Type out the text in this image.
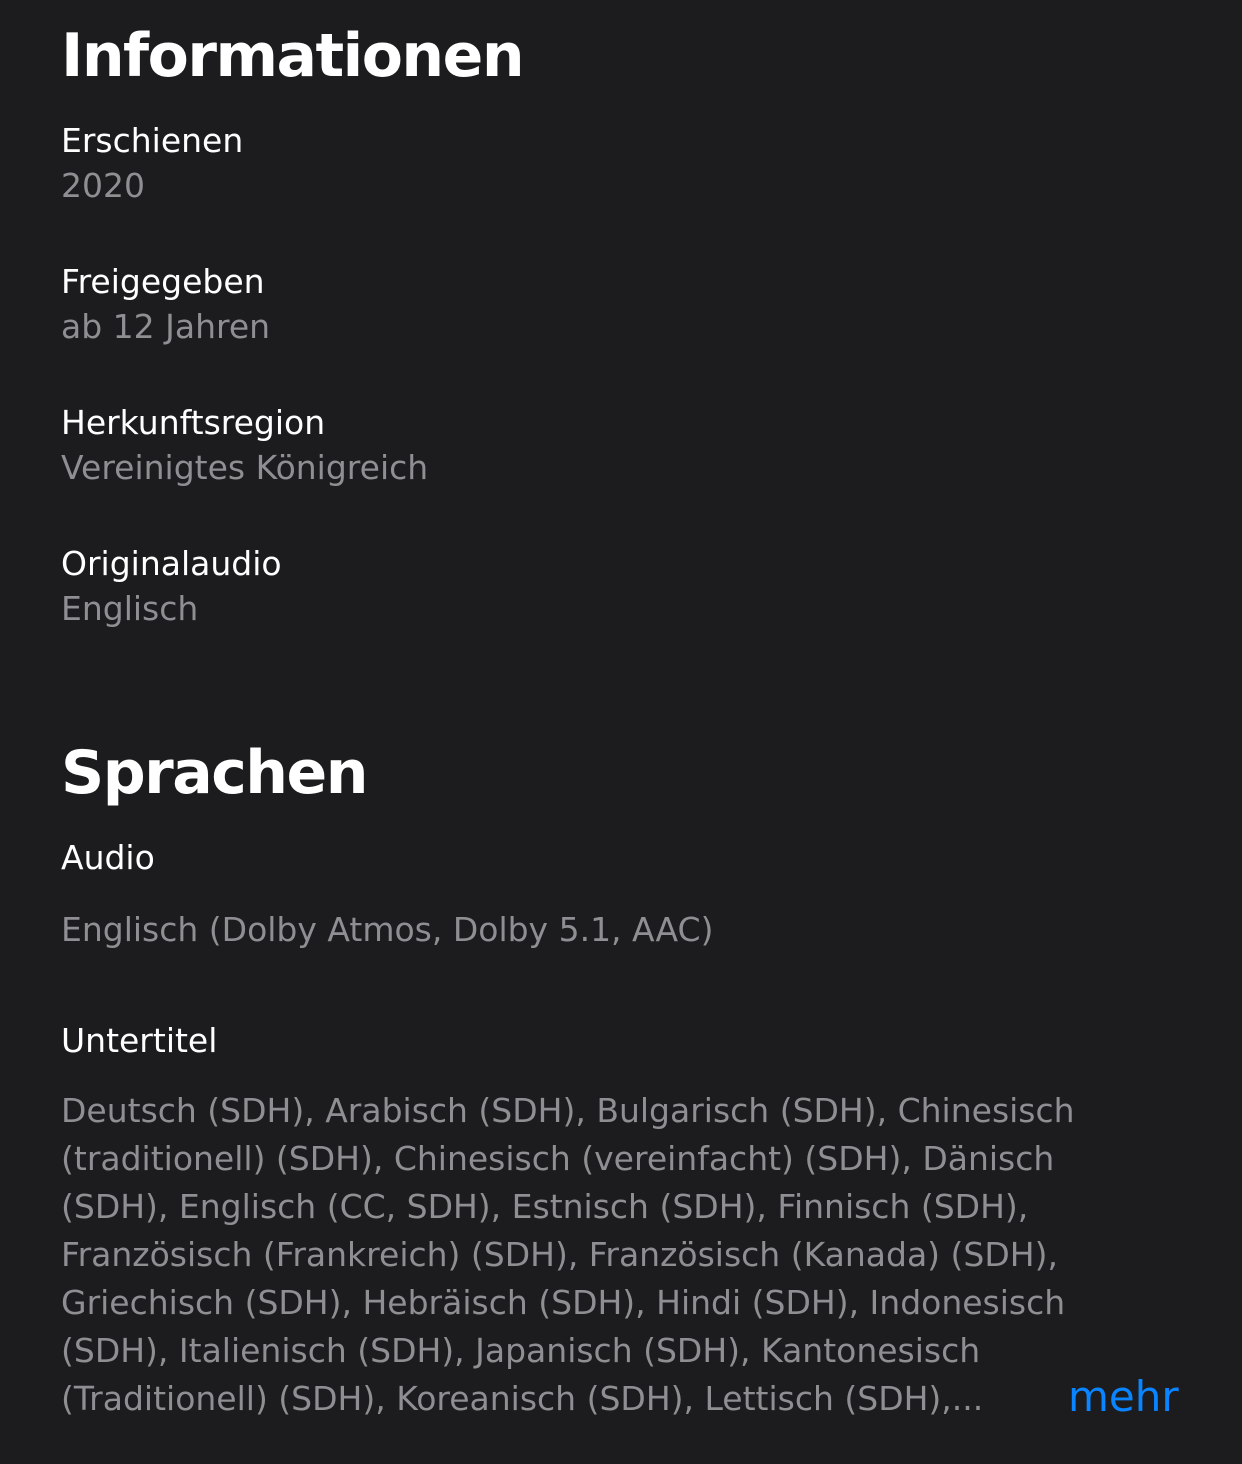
Informationen
Erschienen
2020
Freigegeben
ab 12 Jahren
Herkunftsregion
Vereinigtes Königreich
Originalaudio
Englisch
Sprachen
Audio
Englisch (Dolby Atmos, Dolby 5.1, AAC)
Untertitel
Deutsch (SDH), Arabisch (SDH), Bulgarisch (SDH), Chinesisch
(traditionell) (SDH), Chinesisch (vereinfacht) (SDH), Dänisch
(SDH), Englisch (CC, SDH), Estnisch (SDH), Finnisch (SDH),
Französisch (Frankreich) (SDH), Französisch (Kanada) (SDH),
Griechisch (SDH), Hebräisch (SDH), Hindi (SDH), Indonesisch
(SDH), Italienisch (SDH), Japanisch (SDH), Kantonesisch
(Traditionell) (SDH), Koreanisch (SDH), Lettisch (SDH),...	mehr
